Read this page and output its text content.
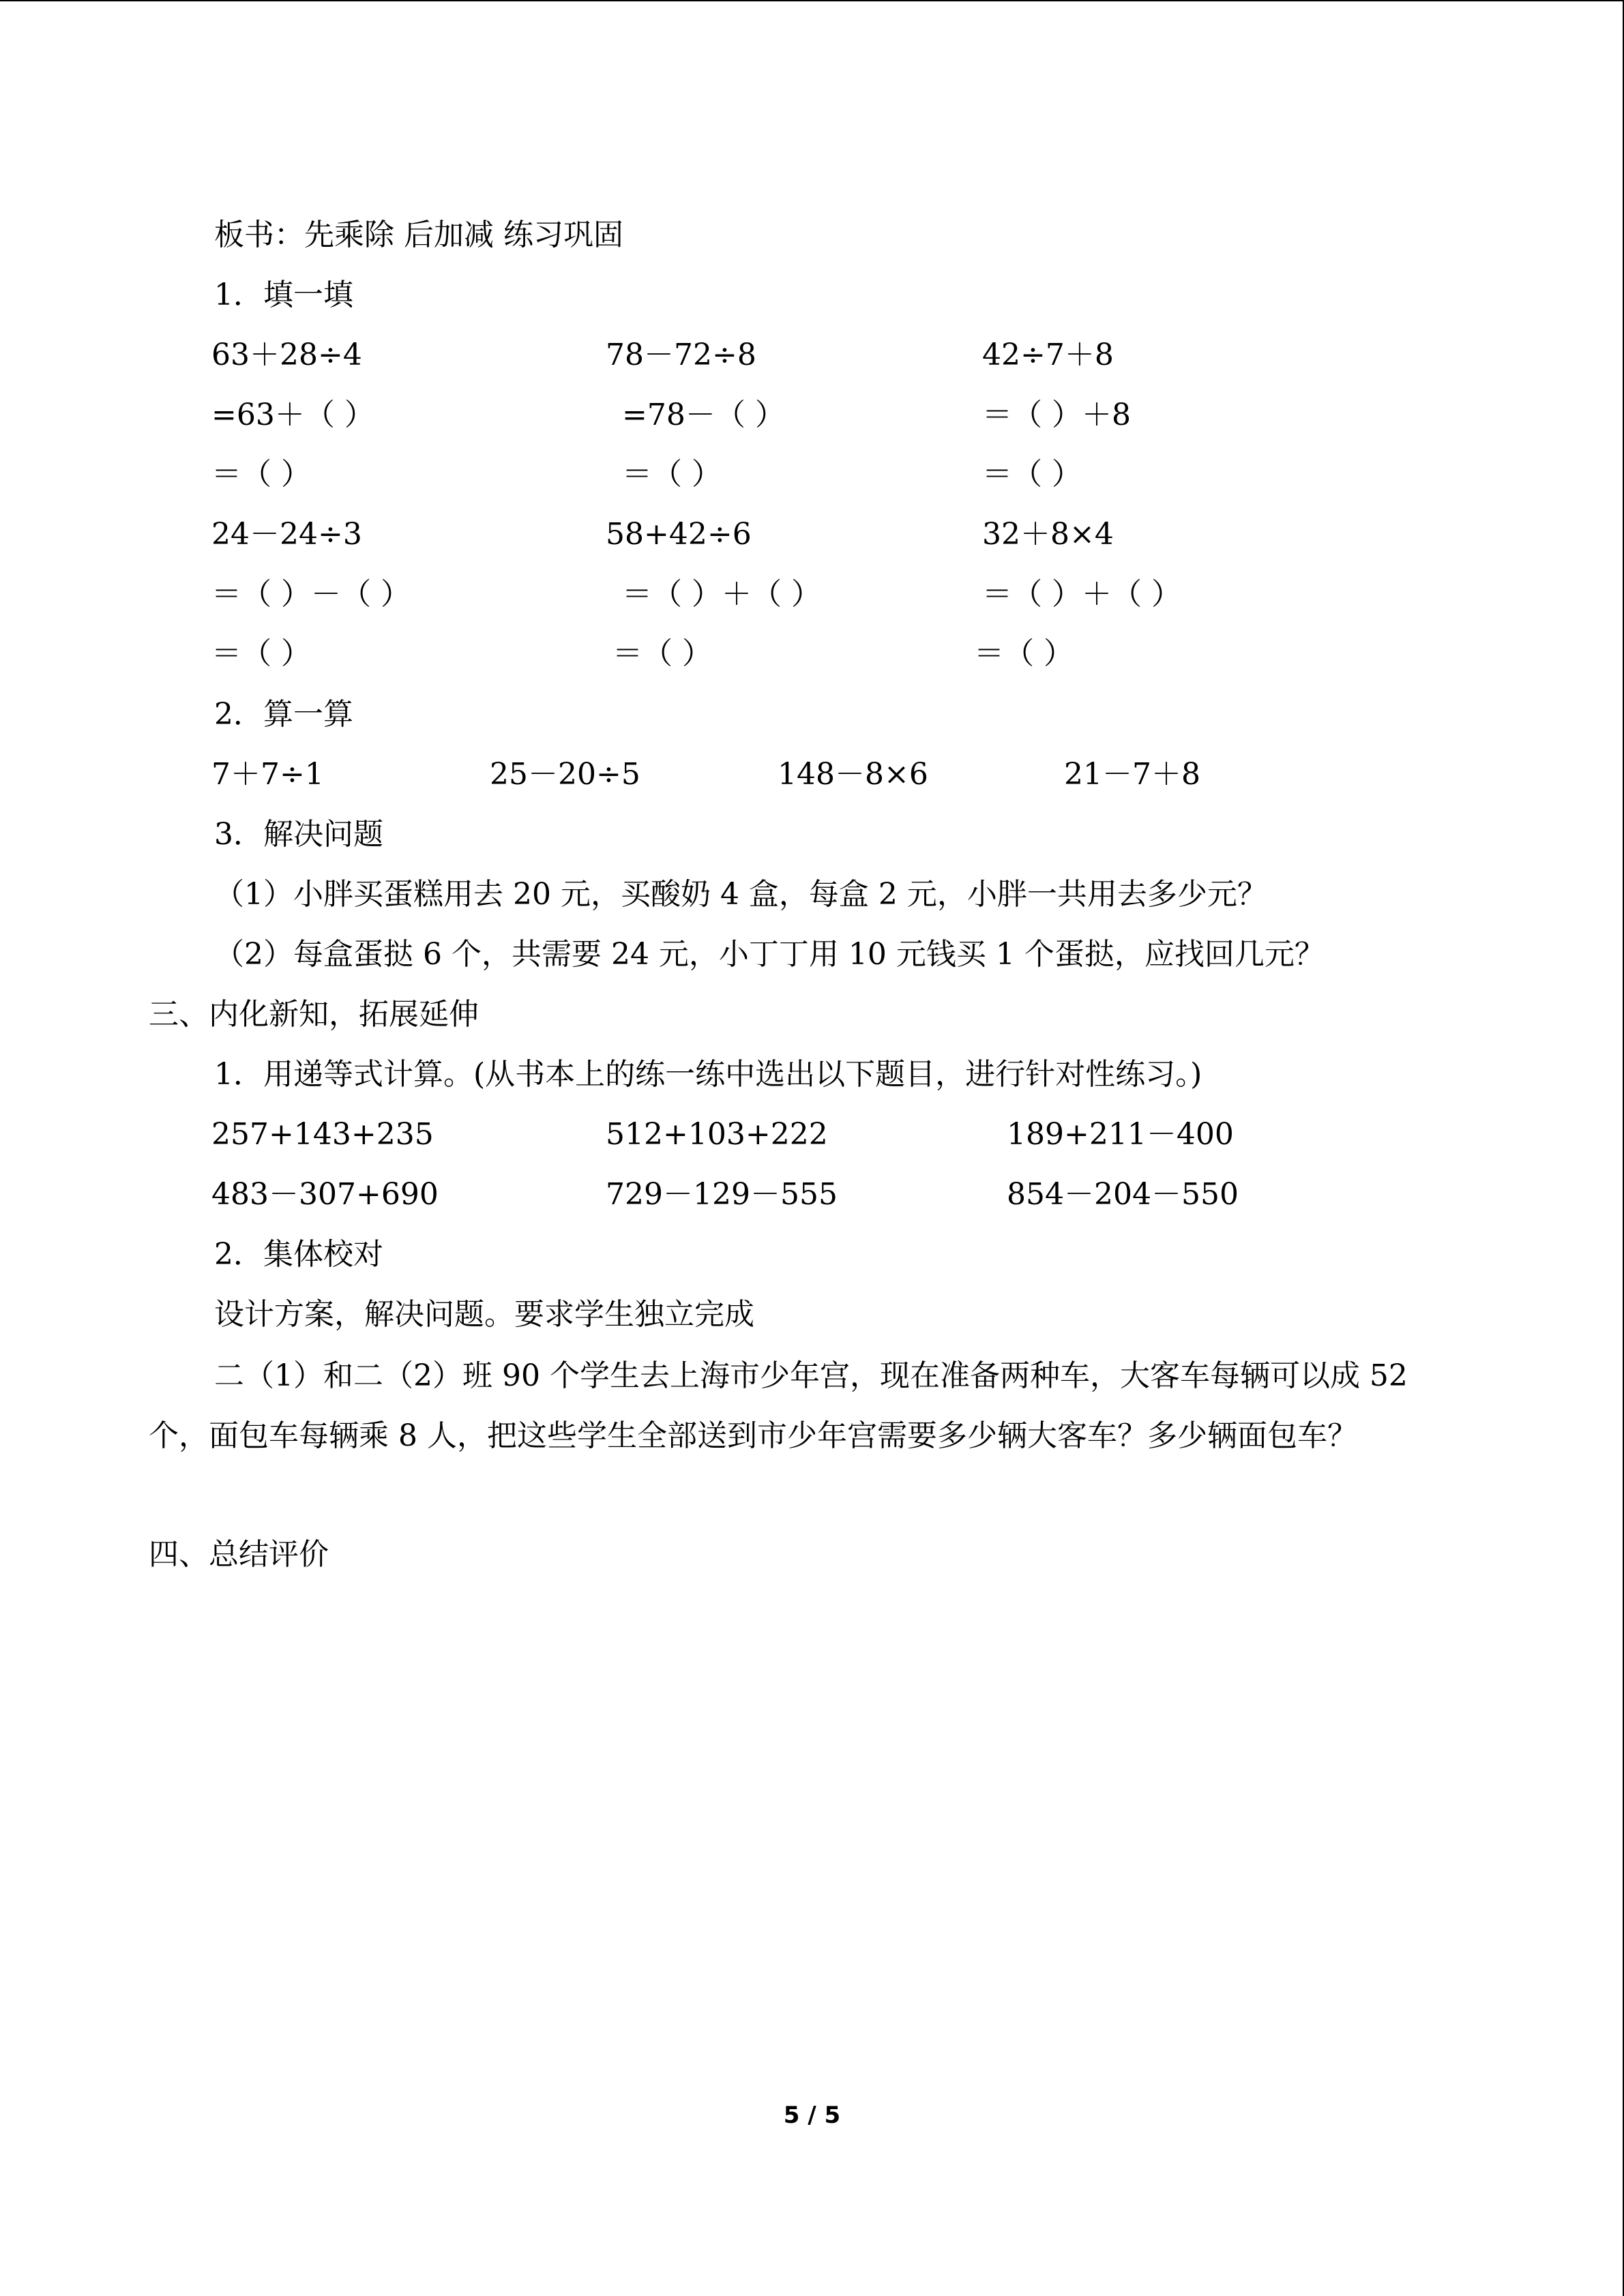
板书：先乘除 后加减 练习巩固
1．填一填
63＋28÷4	78－72÷8	42÷7＋8
=63＋（ ）	=78－（ ）	＝（ ）＋8
＝（ ）	＝（ ）	＝（ ）
24－24÷3	58+42÷6	32＋8×4
＝（ ）－（ ）	＝（ ）＋（ ）	＝（ ）＋（ ）
＝（ ）	＝（ ）	＝（ ）
2．算一算
7＋7÷1	25－20÷5	148－8×6	21－7＋8
3．解决问题
（1）小胖买蛋糕用去 20 元，买酸奶 4 盒，每盒 2 元，小胖一共用去多少元？
（2）每盒蛋挞 6 个，共需要 24 元，小丁丁用 10 元钱买 1 个蛋挞，应找回几元？
三、内化新知，拓展延伸
1．用递等式计算。(从书本上的练一练中选出以下题目，进行针对性练习。)
257+143+235	512+103+222	189+211－400
483－307+690	729－129－555	854－204－550
2．集体校对
设计方案，解决问题。要求学生独立完成
二（1）和二（2）班 90 个学生去上海市少年宫，现在准备两种车，大客车每辆可以成 52 个，面包车每辆乘 8 人，把这些学生全部送到市少年宫需要多少辆大客车？多少辆面包车？
四、总结评价
5 / 5
